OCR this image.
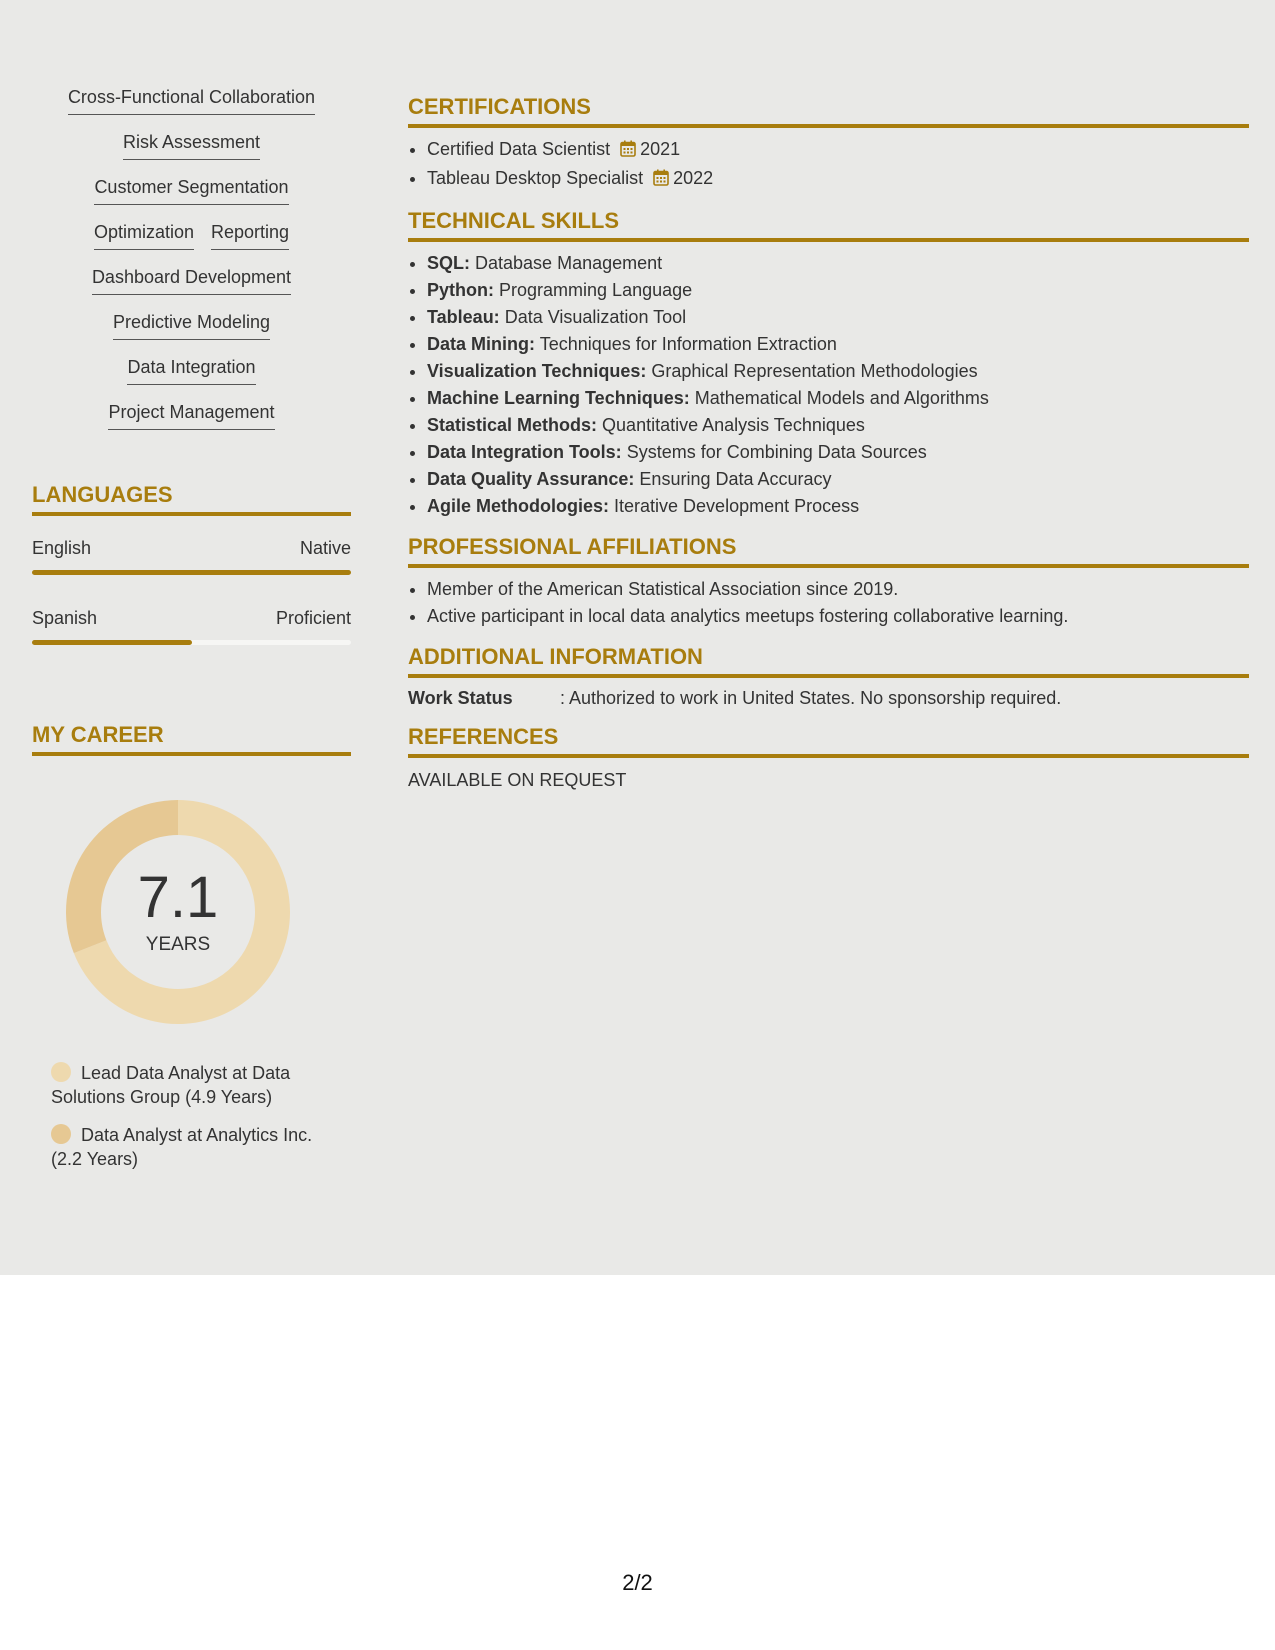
Cross-Functional Collaboration
Risk Assessment
Customer Segmentation
Optimization Reporting
Dashboard Development
Predictive Modeling
Data Integration
Project Management
LANGUAGES
English	Native
Spanish	Proficient
MY CAREER
7.1
YEARS
Lead Data Analyst at Data Solutions Group (4.9 Years)
Data Analyst at Analytics Inc. (2.2 Years)
CERTIFICATIONS
• Certified Data Scientist 2021
• Tableau Desktop Specialist 2022
TECHNICAL SKILLS
• SQL: Database Management
• Python: Programming Language
• Tableau: Data Visualization Tool
• Data Mining: Techniques for Information Extraction
• Visualization Techniques: Graphical Representation Methodologies
• Machine Learning Techniques: Mathematical Models and Algorithms
• Statistical Methods: Quantitative Analysis Techniques
• Data Integration Tools: Systems for Combining Data Sources
• Data Quality Assurance: Ensuring Data Accuracy
• Agile Methodologies: Iterative Development Process
PROFESSIONAL AFFILIATIONS
• Member of the American Statistical Association since 2019.
• Active participant in local data analytics meetups fostering collaborative learning.
ADDITIONAL INFORMATION
Work Status	: Authorized to work in United States. No sponsorship required.
REFERENCES
AVAILABLE ON REQUEST
2/2
